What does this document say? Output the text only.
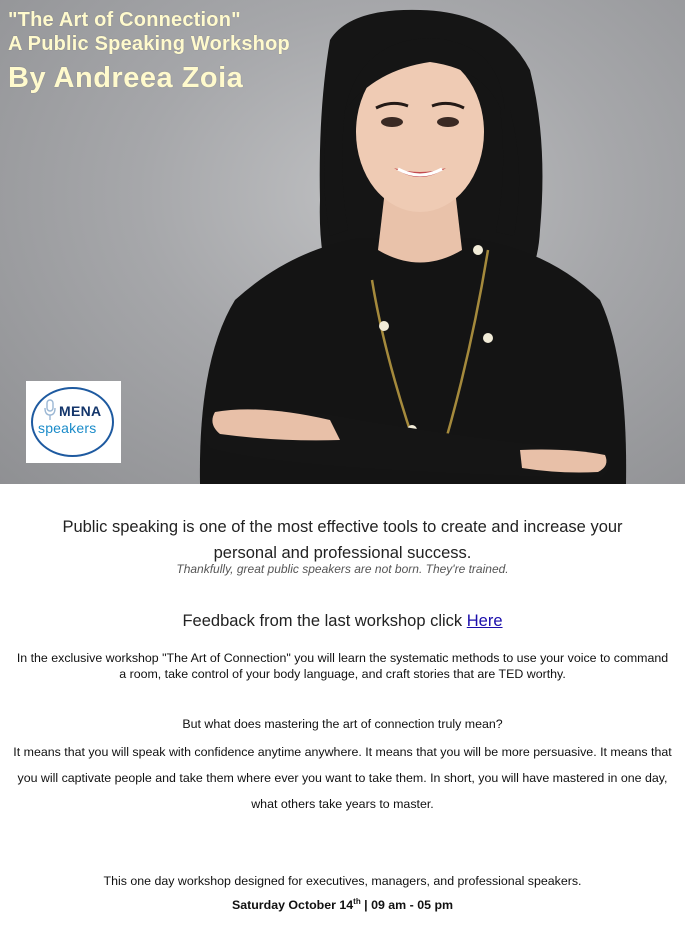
"The Art of Connection"
A Public Speaking Workshop
By Andreea Zoia
MENA
speakers
Public speaking is one of the most effective tools to create and increase your
personal and professional success.
Thankfully, great public speakers are not born. They're trained.
Feedback from the last workshop click Here
In the exclusive workshop "The Art of Connection" you will learn the systematic methods to use your voice to command a room, take control of your body language, and craft stories that are TED worthy.
But what does mastering the art of connection truly mean?
It means that you will speak with confidence anytime anywhere. It means that you will be more persuasive. It means that you will captivate people and take them where ever you want to take them. In short, you will have mastered in one day, what others take years to master.
This one day workshop designed for executives, managers, and professional speakers.
Saturday October 14th | 09 am - 05 pm
